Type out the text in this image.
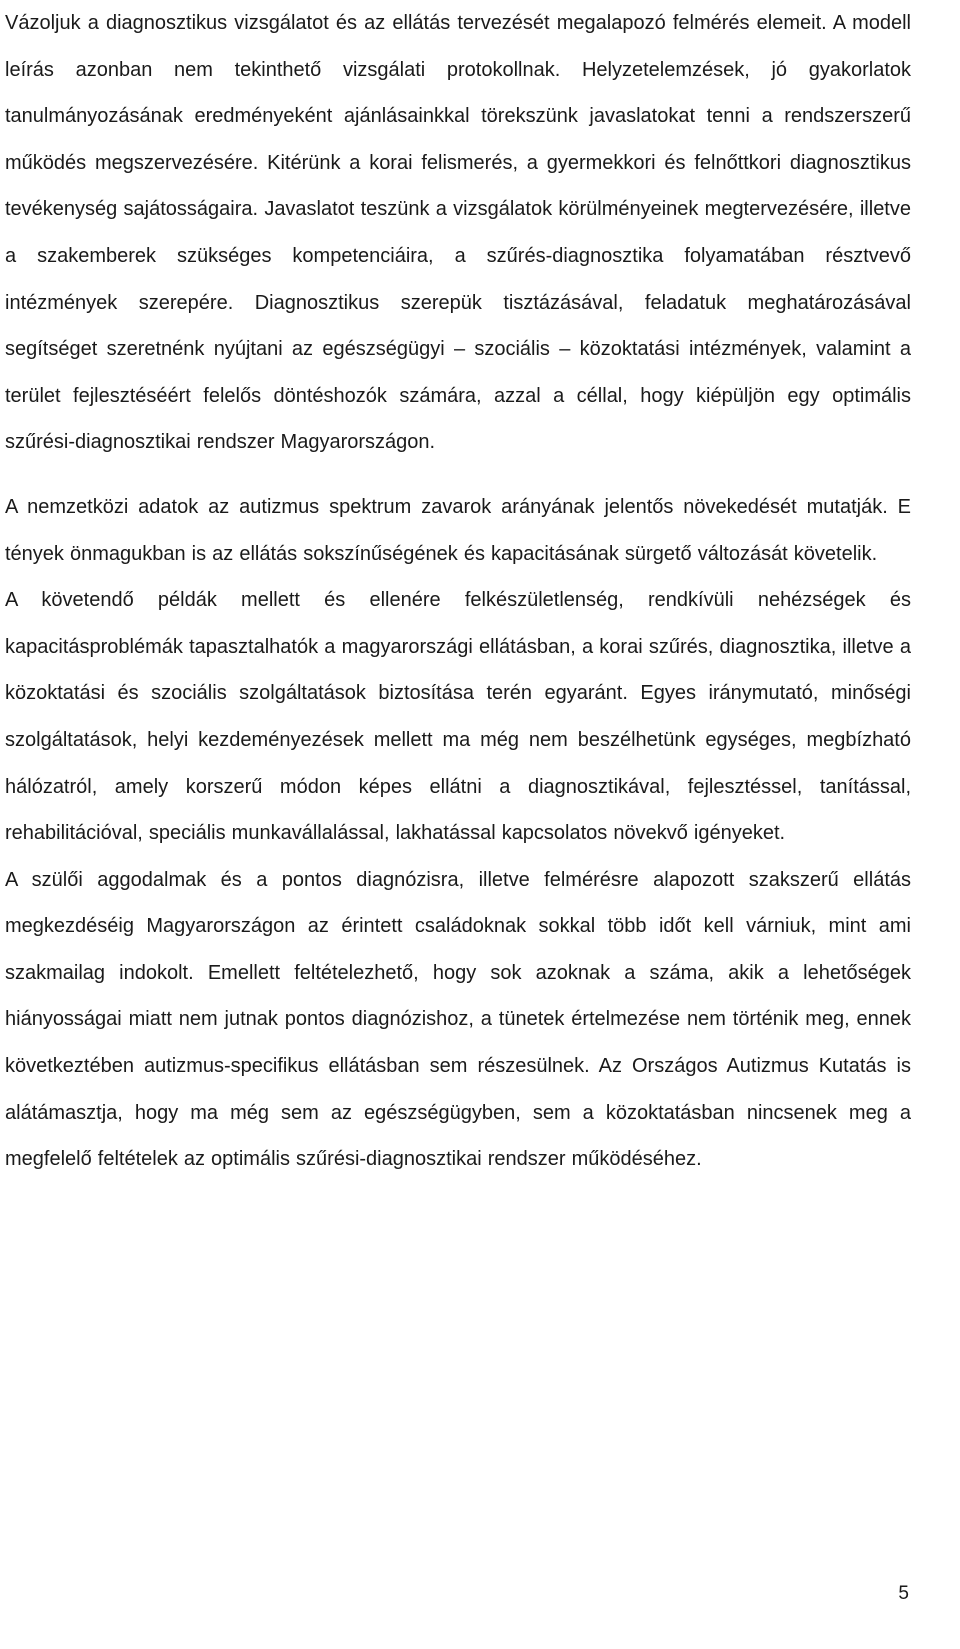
Vázoljuk a diagnosztikus vizsgálatot és az ellátás tervezését megalapozó felmérés elemeit. A modell leírás azonban nem tekinthető vizsgálati protokollnak. Helyzetelemzések, jó gyakorlatok tanulmányozásának eredményeként ajánlásainkkal törekszünk javaslatokat tenni a rendszerszerű működés megszervezésére. Kitérünk a korai felismerés, a gyermekkori és felnőttkori diagnosztikus tevékenység sajátosságaira. Javaslatot teszünk a vizsgálatok körülményeinek megtervezésére, illetve a szakemberek szükséges kompetenciáira, a szűrés-diagnosztika folyamatában résztvevő intézmények szerepére. Diagnosztikus szerepük tisztázásával, feladatuk meghatározásával segítséget szeretnénk nyújtani az egészségügyi – szociális – közoktatási intézmények, valamint a terület fejlesztéséért felelős döntéshozók számára, azzal a céllal, hogy kiépüljön egy optimális szűrési-diagnosztikai rendszer Magyarországon.

A nemzetközi adatok az autizmus spektrum zavarok arányának jelentős növekedését mutatják. E tények önmagukban is az ellátás sokszínűségének és kapacitásának sürgető változását követelik.

A követendő példák mellett és ellenére felkészületlenség, rendkívüli nehézségek és kapacitásproblémák tapasztalhatók a magyarországi ellátásban, a korai szűrés, diagnosztika, illetve a közoktatási és szociális szolgáltatások biztosítása terén egyaránt. Egyes iránymutató, minőségi szolgáltatások, helyi kezdeményezések mellett ma még nem beszélhetünk egységes, megbízható hálózatról, amely korszerű módon képes ellátni a diagnosztikával, fejlesztéssel, tanítással, rehabilitációval, speciális munkavállalással, lakhatással kapcsolatos növekvő igényeket.

A szülői aggodalmak és a pontos diagnózisra, illetve felmérésre alapozott szakszerű ellátás megkezdéséig Magyarországon az érintett családoknak sokkal több időt kell várniuk, mint ami szakmailag indokolt. Emellett feltételezhető, hogy sok azoknak a száma, akik a lehetőségek hiányosságai miatt nem jutnak pontos diagnózishoz, a tünetek értelmezése nem történik meg, ennek következtében autizmus-specifikus ellátásban sem részesülnek. Az Országos Autizmus Kutatás is alátámasztja, hogy ma még sem az egészségügyben, sem a közoktatásban nincsenek meg a megfelelő feltételek az optimális szűrési-diagnosztikai rendszer működéséhez.

5
